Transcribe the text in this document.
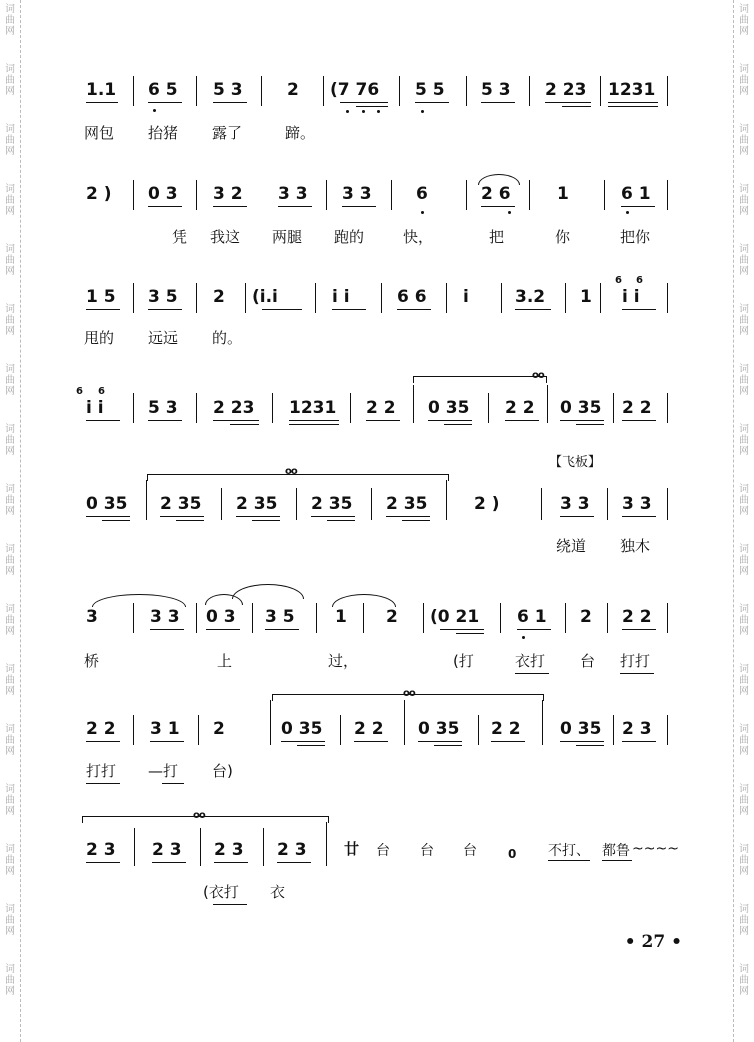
词
曲
网
词
曲
网
词
曲
网
词
曲
网
词
曲
网
词
曲
网
词
曲
网
词
曲
网
词
曲
网
词
曲
网
词
曲
网
词
曲
网
词
曲
网
词
曲
网
词
曲
网
词
曲
网
词
曲
网
词
曲
网
词
曲
网
词
曲
网
词
曲
网
词
曲
网
词
曲
网
词
曲
网
词
曲
网
词
曲
网
词
曲
网
词
曲
网
词
曲
网
词
曲
网
词
曲
网
词
曲
网
词
曲
网
词
曲
网
1.1 6 5 5 3	2 (7 76 5 5 5 3 2 23 1231
网包 抬猪 露了	蹄。
2 ) 0 3 3 2 3 3 3 3	6	2 6	1	6 1
凭 我这 两腿 跑的	快，	把	你	把你
1 5 3 5 2 (i.i	i i	6 6 i	3.2 1
6 6
i i
甩的 远远 的。
6 6
i i	5 3 2 23 1231 2 2
oo
0 35 2 2 0 35 2 2
【飞板】
oo
0 35 2 35 2 35 2 35 2 35	2 )	3 3 3 3
绕道 独木
3	3 3 0 3 3 5 1 2 (0 21 6 1 2 2 2
桥	上	过，	(打	衣打 台 打打
oo
2 2 3 1 2	0 35 2 2 0 35 2 2 0 35 2 3
打打 —打 台)
oo
2 3 2 3 2 3 2 3 廿 台 台 台	0 不打、 都鲁 ~~~~
(衣打 衣
• 27 •
